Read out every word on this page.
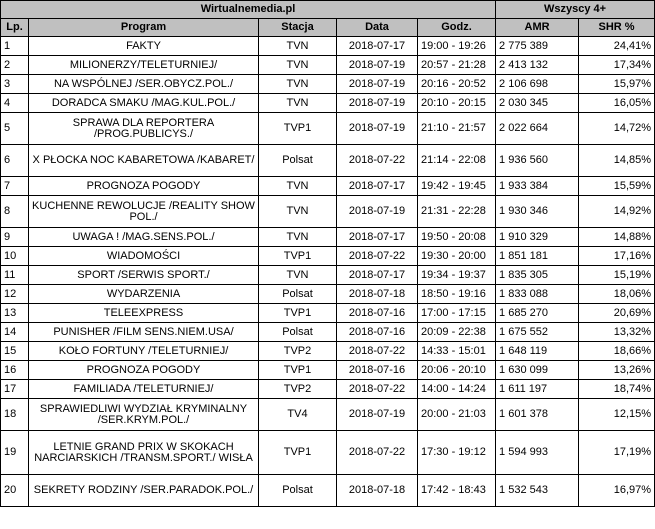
Wirtualnemedia.pl					Wszyscy 4+	
Lp.	Program	Stacja	Data	Godz.	AMR	SHR %
1	FAKTY	TVN	2018-07-17	19:00 - 19:26	2 775 389	24,41%
2	MILIONERZY/TELETURNIEJ/	TVN	2018-07-19	20:57 - 21:28	2 413 132	17,34%
3	NA WSPÓLNEJ /SER.OBYCZ.POL./	TVN	2018-07-19	20:16 - 20:52	2 106 698	15,97%
4	DORADCA SMAKU /MAG.KUL.POL./	TVN	2018-07-19	20:10 - 20:15	2 030 345	16,05%
5	SPRAWA DLA REPORTERA /PROG.PUBLICYS./	TVP1	2018-07-19	21:10 - 21:57	2 022 664	14,72%
6	X PŁOCKA NOC KABARETOWA /KABARET/	Polsat	2018-07-22	21:14 - 22:08	1 936 560	14,85%
7	PROGNOZA POGODY	TVN	2018-07-17	19:42 - 19:45	1 933 384	15,59%
8	KUCHENNE REWOLUCJE /REALITY SHOW POL./	TVN	2018-07-19	21:31 - 22:28	1 930 346	14,92%
9	UWAGA ! /MAG.SENS.POL./	TVN	2018-07-17	19:50 - 20:08	1 910 329	14,88%
10	WIADOMOŚCI	TVP1	2018-07-22	19:30 - 20:00	1 851 181	17,16%
11	SPORT /SERWIS SPORT./	TVN	2018-07-17	19:34 - 19:37	1 835 305	15,19%
12	WYDARZENIA	Polsat	2018-07-18	18:50 - 19:16	1 833 088	18,06%
13	TELEEXPRESS	TVP1	2018-07-16	17:00 - 17:15	1 685 270	20,69%
14	PUNISHER /FILM SENS.NIEM.USA/	Polsat	2018-07-16	20:09 - 22:38	1 675 552	13,32%
15	KOŁO FORTUNY /TELETURNIEJ/	TVP2	2018-07-22	14:33 - 15:01	1 648 119	18,66%
16	PROGNOZA POGODY	TVP1	2018-07-16	20:06 - 20:10	1 630 099	13,26%
17	FAMILIADA /TELETURNIEJ/	TVP2	2018-07-22	14:00 - 14:24	1 611 197	18,74%
18	SPRAWIEDLIWI WYDZIAŁ KRYMINALNY /SER.KRYM.POL./	TV4	2018-07-19	20:00 - 21:03	1 601 378	12,15%
19	LETNIE GRAND PRIX W SKOKACH NARCIARSKICH /TRANSM.SPORT./ WISŁA	TVP1	2018-07-22	17:30 - 19:12	1 594 993	17,19%
20	SEKRETY RODZINY /SER.PARADOK.POL./	Polsat	2018-07-18	17:42 - 18:43	1 532 543	16,97%
